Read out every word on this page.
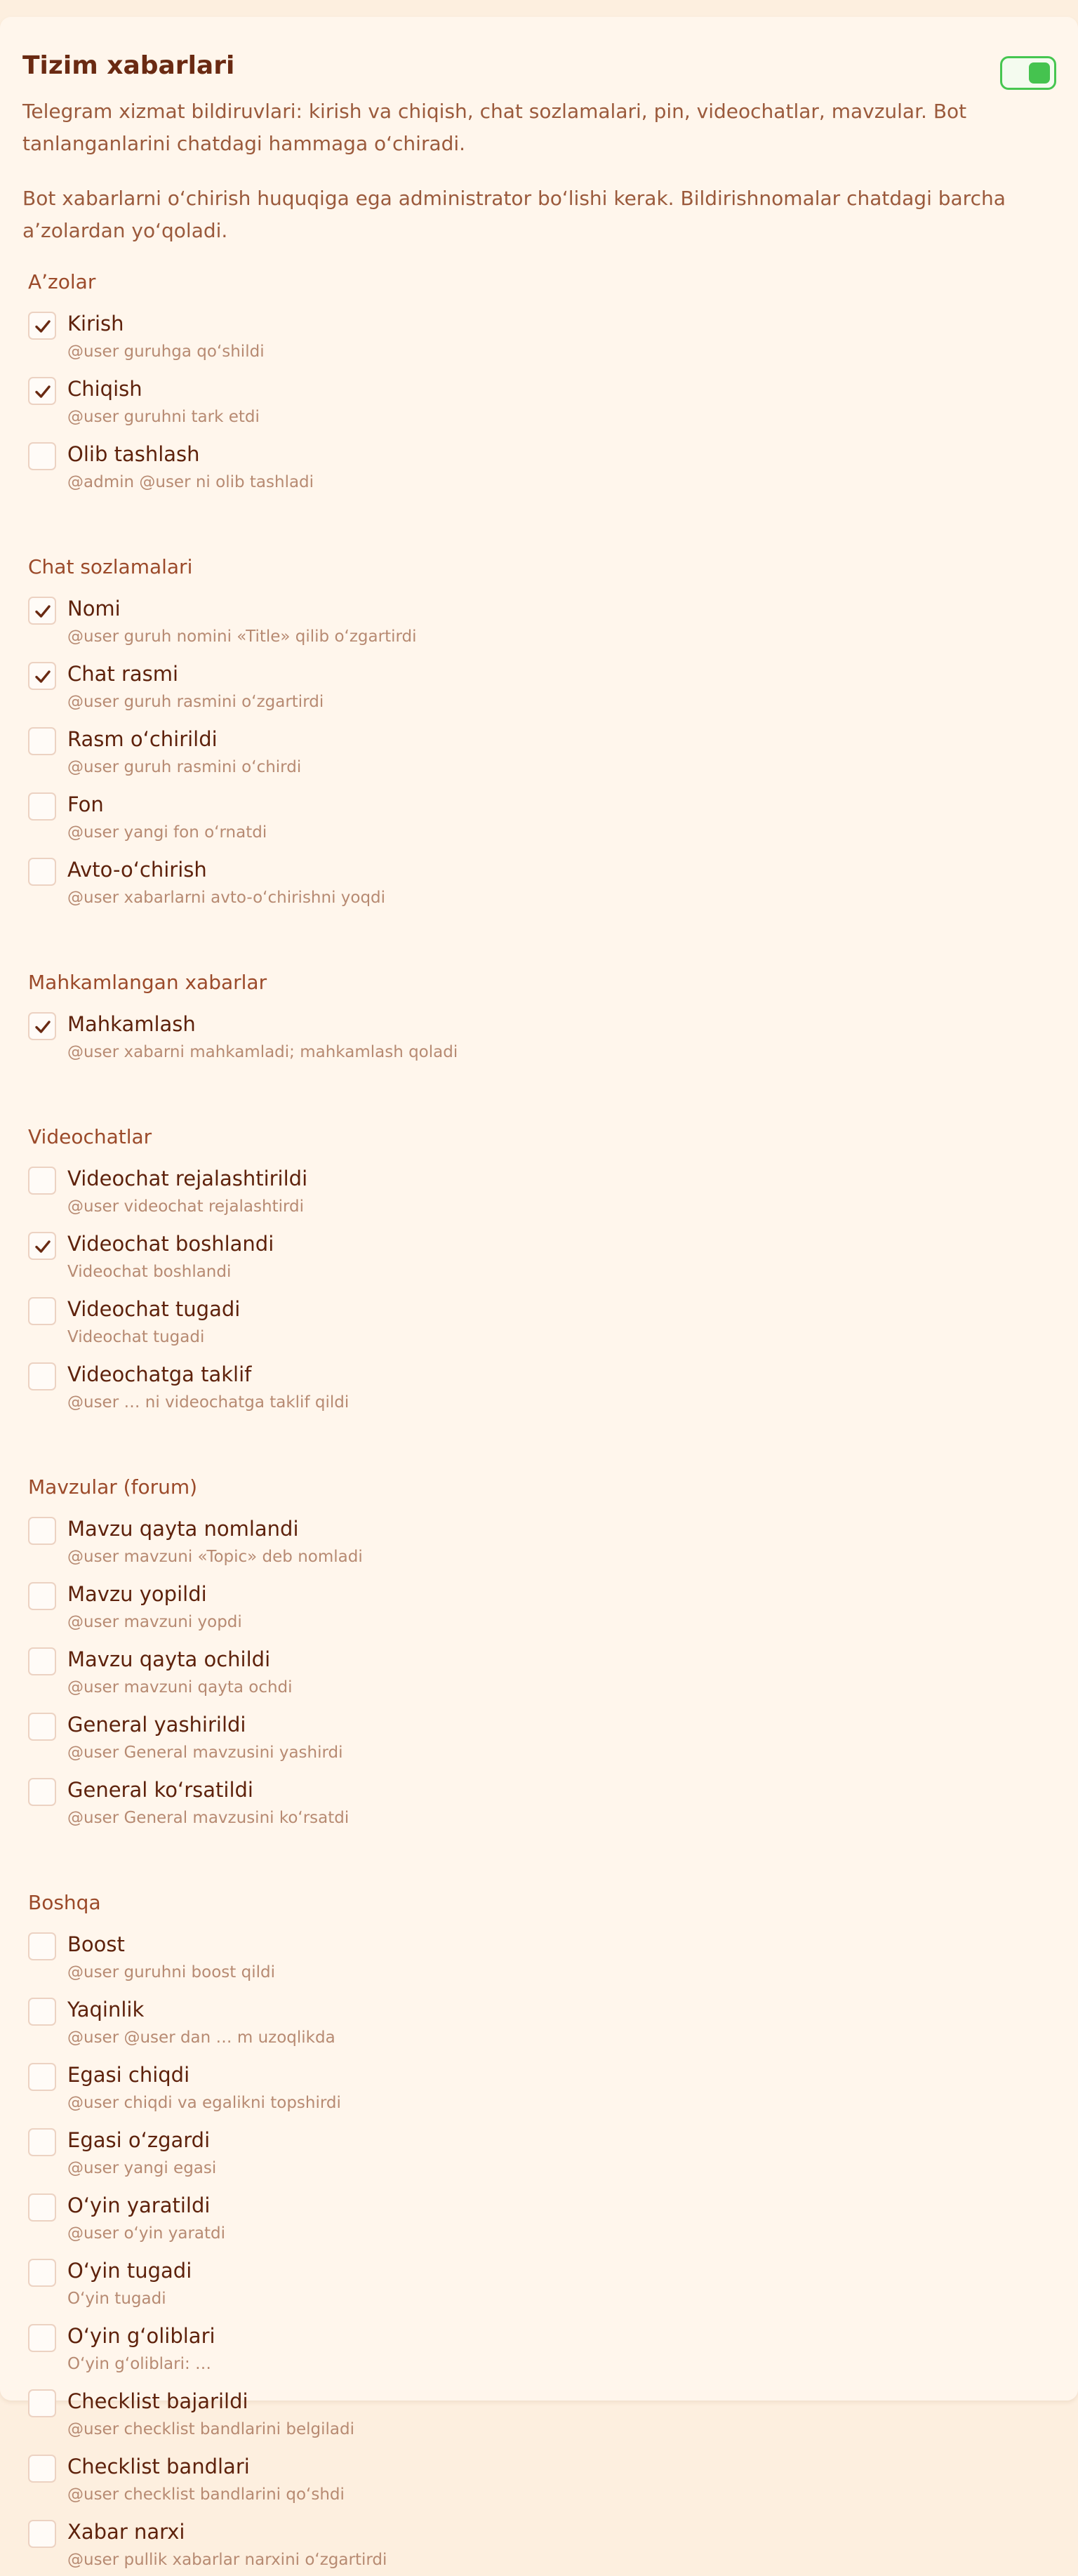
Tizim xabarlari

Telegram xizmat bildiruvlari: kirish va chiqish, chat sozlamalari, pin, videochatlar, mavzular. Bot tanlanganlarini chatdagi hammaga oʻchiradi.

Bot xabarlarni oʻchirish huquqiga ega administrator boʻlishi kerak. Bildirishnomalar chatdagi barcha aʼzolardan yoʻqoladi.

Aʼzolar
Kirish
@user guruhga qoʻshildi
Chiqish
@user guruhni tark etdi
Olib tashlash
@admin @user ni olib tashladi
Chat sozlamalari
Nomi
@user guruh nomini «Title» qilib oʻzgartirdi
Chat rasmi
@user guruh rasmini oʻzgartirdi
Rasm oʻchirildi
@user guruh rasmini oʻchirdi
Fon
@user yangi fon oʻrnatdi
Avto-oʻchirish
@user xabarlarni avto-oʻchirishni yoqdi
Mahkamlangan xabarlar
Mahkamlash
@user xabarni mahkamladi; mahkamlash qoladi
Videochatlar
Videochat rejalashtirildi
@user videochat rejalashtirdi
Videochat boshlandi
Videochat boshlandi
Videochat tugadi
Videochat tugadi
Videochatga taklif
@user … ni videochatga taklif qildi
Mavzular (forum)
Mavzu qayta nomlandi
@user mavzuni «Topic» deb nomladi
Mavzu yopildi
@user mavzuni yopdi
Mavzu qayta ochildi
@user mavzuni qayta ochdi
General yashirildi
@user General mavzusini yashirdi
General koʻrsatildi
@user General mavzusini koʻrsatdi
Boshqa
Boost
@user guruhni boost qildi
Yaqinlik
@user @user dan … m uzoqlikda
Egasi chiqdi
@user chiqdi va egalikni topshirdi
Egasi oʻzgardi
@user yangi egasi
Oʻyin yaratildi
@user oʻyin yaratdi
Oʻyin tugadi
Oʻyin tugadi
Oʻyin gʻoliblari
Oʻyin gʻoliblari: …
Checklist bajarildi
@user checklist bandlarini belgiladi
Checklist bandlari
@user checklist bandlarini qoʻshdi
Xabar narxi
@user pullik xabarlar narxini oʻzgartirdi
